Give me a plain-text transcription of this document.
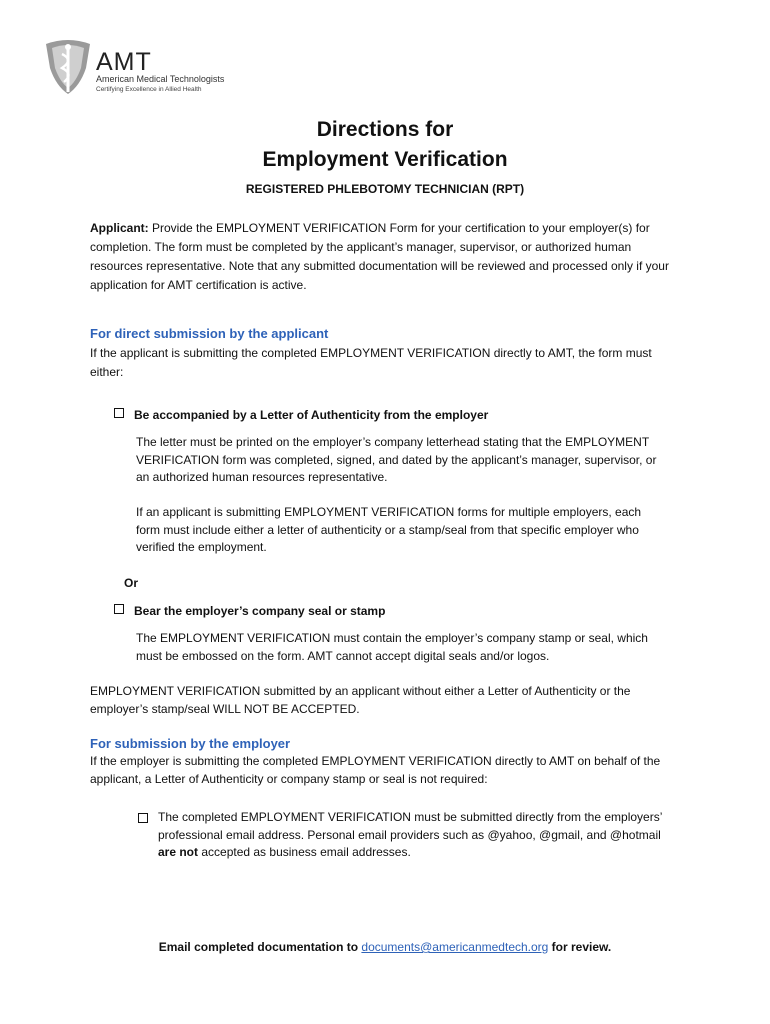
AMT
American Medical Technologists
Certifying Excellence in Allied Health
Directions for
Employment Verification
REGISTERED PHLEBOTOMY TECHNICIAN (RPT)
Applicant: Provide the EMPLOYMENT VERIFICATION Form for your certification to your employer(s) for completion. The form must be completed by the applicant’s manager, supervisor, or authorized human resources representative. Note that any submitted documentation will be reviewed and processed only if your application for AMT certification is active.
For direct submission by the applicant
If the applicant is submitting the completed EMPLOYMENT VERIFICATION directly to AMT, the form must either:
Be accompanied by a Letter of Authenticity from the employer
The letter must be printed on the employer’s company letterhead stating that the EMPLOYMENT VERIFICATION form was completed, signed, and dated by the applicant’s manager, supervisor, or an authorized human resources representative.
If an applicant is submitting EMPLOYMENT VERIFICATION forms for multiple employers, each form must include either a letter of authenticity or a stamp/seal from that specific employer who verified the employment.
Or
Bear the employer’s company seal or stamp
The EMPLOYMENT VERIFICATION must contain the employer’s company stamp or seal, which must be embossed on the form. AMT cannot accept digital seals and/or logos.
EMPLOYMENT VERIFICATION submitted by an applicant without either a Letter of Authenticity or the employer’s stamp/seal WILL NOT BE ACCEPTED.
For submission by the employer
If the employer is submitting the completed EMPLOYMENT VERIFICATION directly to AMT on behalf of the applicant, a Letter of Authenticity or company stamp or seal is not required:
The completed EMPLOYMENT VERIFICATION must be submitted directly from the employers’ professional email address. Personal email providers such as @yahoo, @gmail, and @hotmail are not accepted as business email addresses.
Email completed documentation to documents@americanmedtech.org for review.
